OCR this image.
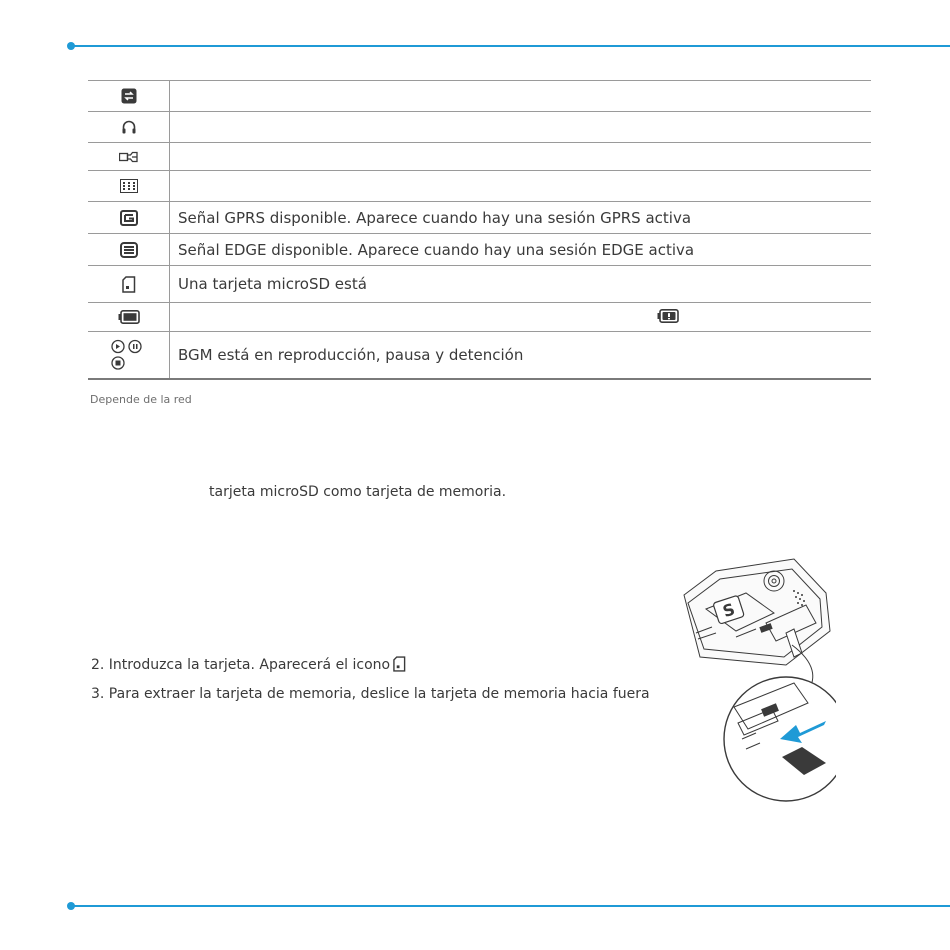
	Señal GPRS disponible. Aparece cuando hay una sesión GPRS activa

	Señal EDGE disponible. Aparece cuando hay una sesión EDGE activa

	Una tarjeta microSD está

	BGM está en reproducción, pausa y detención
Depende de la red
tarjeta microSD como tarjeta de memoria.
2. Introduzca la tarjeta. Aparecerá el icono
3. Para extraer la tarjeta de memoria, deslice la tarjeta de memoria hacia fuera
S
